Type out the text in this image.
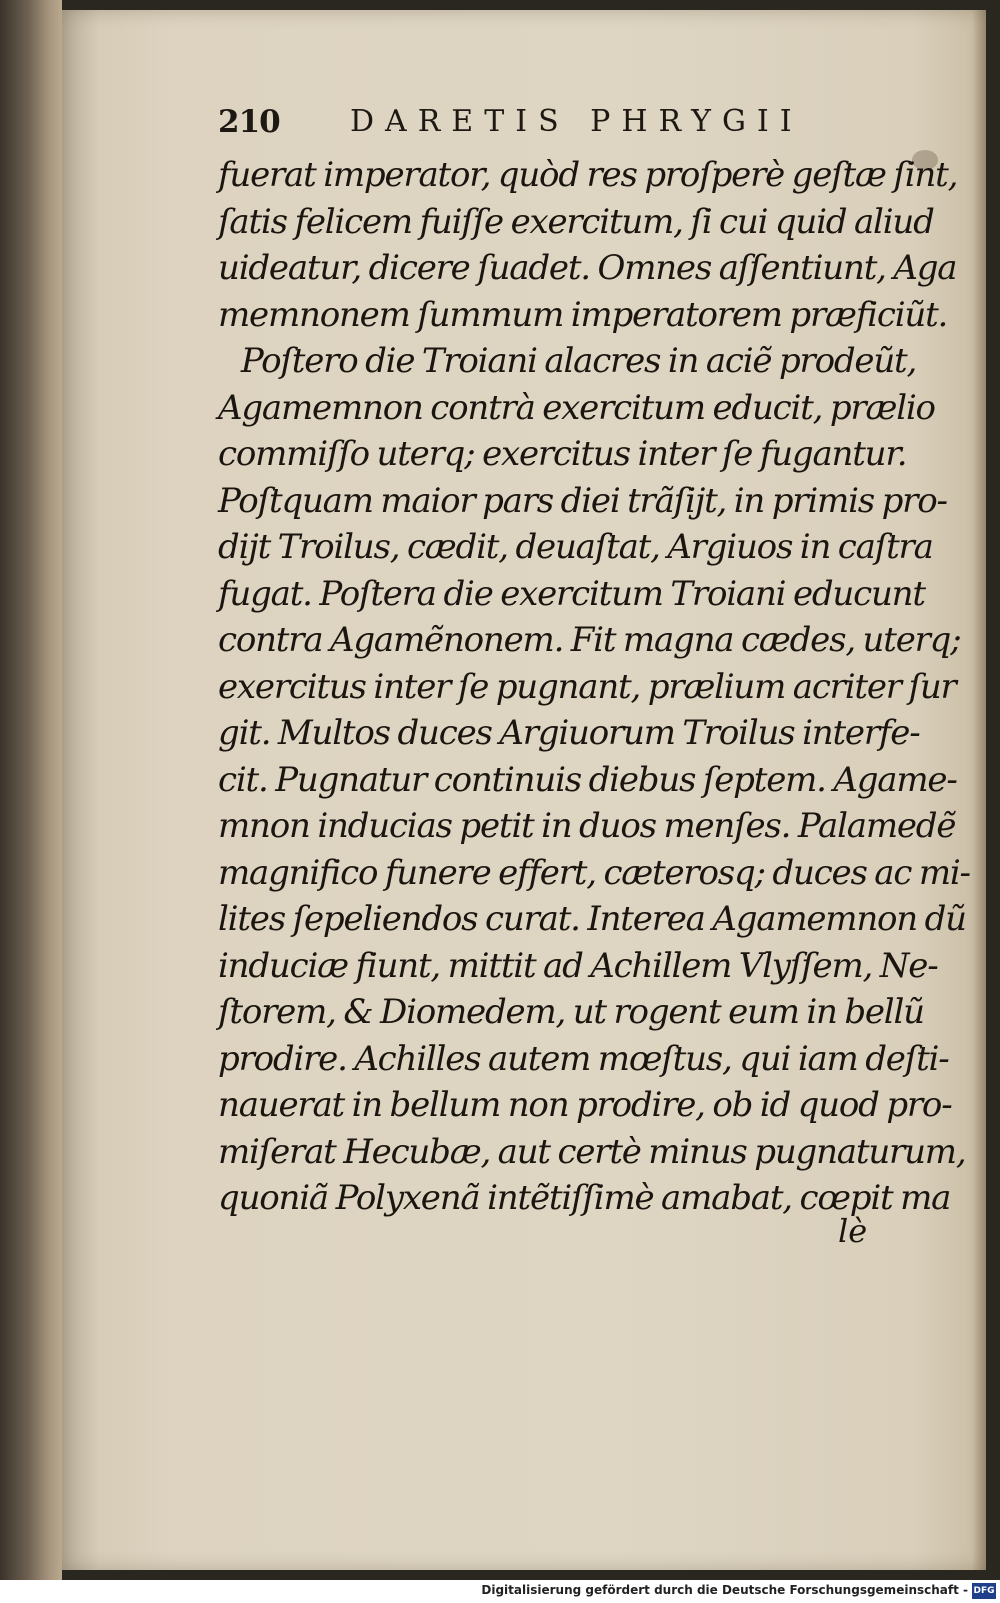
210 DARETIS PHRYGII
fuerat imperator, quòd res proſperè geſtæ ſint,
ſatis felicem fuiſſe exercitum, ſi cui quid aliud
uideatur, dicere ſuadet. Omnes aſſentiunt, Aga
memnonem ſummum imperatorem præficiũt.
Poſtero die Troiani alacres in aciẽ prodeũt,
Agamemnon contrà exercitum educit, prælio
commiſſo uterq; exercitus inter ſe fugantur.
Poſtquam maior pars diei trãſijt, in primis pro-
dijt Troilus, cædit, deuaſtat, Argiuos in caſtra
fugat. Poſtera die exercitum Troiani educunt
contra Agamẽnonem. Fit magna cædes, uterq;
exercitus inter ſe pugnant, prælium acriter ſur
git. Multos duces Argiuorum Troilus interfe-
cit. Pugnatur continuis diebus ſeptem. Agame-
mnon inducias petit in duos menſes. Palamedẽ
magnifico funere effert, cæterosq; duces ac mi-
lites ſepeliendos curat. Interea Agamemnon dũ
induciæ fiunt, mittit ad Achillem Vlyſſem, Ne-
ſtorem, & Diomedem, ut rogent eum in bellũ
prodire. Achilles autem mœſtus, qui iam deſti-
nauerat in bellum non prodire, ob id quod pro-
miſerat Hecubæ, aut certè minus pugnaturum,
quoniã Polyxenã intẽtiſſimè amabat, cœpit ma
lè
Digitalisierung gefördert durch die Deutsche Forschungsgemeinschaft - DFG
